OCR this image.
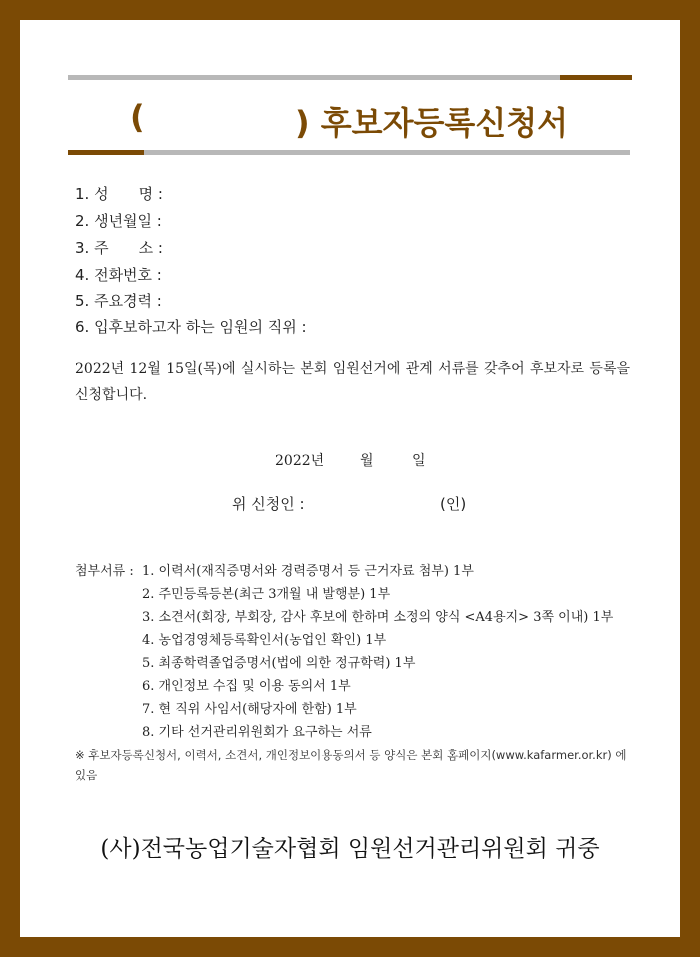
(	) 후보자등록신청서
1. 성　　명 :
2. 생년월일 :
3. 주　　소 :
4. 전화번호 :
5. 주요경력 :
6. 입후보하고자 하는 임원의 직위 :
2022년 12월 15일(목)에 실시하는 본회 임원선거에 관계 서류를 갖추어 후보자로 등록을 신청합니다.
2022년	월	일
위 신청인 :	(인)
첨부서류 : 1. 이력서(재직증명서와 경력증명서 등 근거자료 첨부) 1부
2. 주민등록등본(최근 3개월 내 발행분) 1부
3. 소견서(회장, 부회장, 감사 후보에 한하며 소정의 양식 <A4용지> 3쪽 이내) 1부
4. 농업경영체등록확인서(농업인 확인) 1부
5. 최종학력졸업증명서(법에 의한 정규학력) 1부
6. 개인정보 수집 및 이용 동의서 1부
7. 현 직위 사임서(해당자에 한함) 1부
8. 기타 선거관리위원회가 요구하는 서류
※ 후보자등록신청서, 이력서, 소견서, 개인정보이용동의서 등 양식은 본회 홈페이지(www.kafarmer.or.kr) 에 있음
(사)전국농업기술자협회 임원선거관리위원회 귀중
